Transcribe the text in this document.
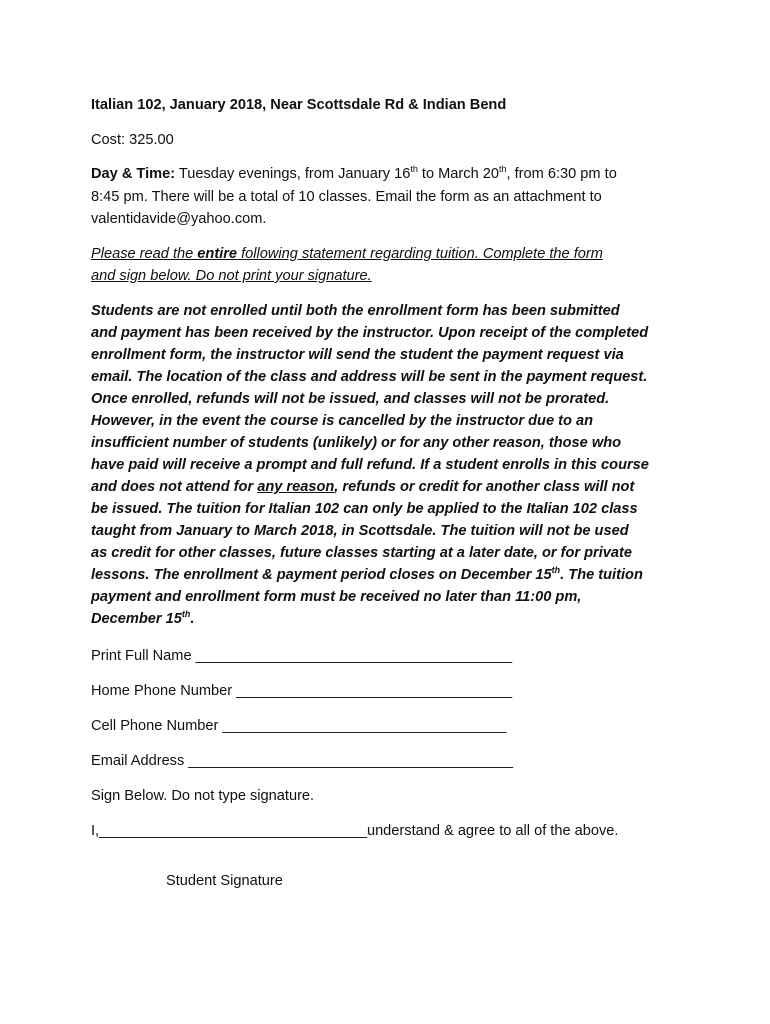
Italian 102, January 2018, Near Scottsdale Rd & Indian Bend

Cost: 325.00

Day & Time: Tuesday evenings, from January 16th to March 20th, from 6:30 pm to

8:45 pm. There will be a total of 10 classes. Email the form as an attachment to

valentidavide@yahoo.com.

Please read the entire following statement regarding tuition. Complete the form

and sign below. Do not print your signature.

Students are not enrolled until both the enrollment form has been submitted

and payment has been received by the instructor. Upon receipt of the completed

enrollment form, the instructor will send the student the payment request via

email. The location of the class and address will be sent in the payment request.

Once enrolled, refunds will not be issued, and classes will not be prorated.

However, in the event the course is cancelled by the instructor due to an

insufficient number of students (unlikely) or for any other reason, those who

have paid will receive a prompt and full refund. If a student enrolls in this course

and does not attend for any reason, refunds or credit for another class will not

be issued. The tuition for Italian 102 can only be applied to the Italian 102 class

taught from January to March 2018, in Scottsdale. The tuition will not be used

as credit for other classes, future classes starting at a later date, or for private

lessons. The enrollment & payment period closes on December 15th. The tuition

payment and enrollment form must be received no later than 11:00 pm,

December 15th.

Print Full Name _______________________________________

Home Phone Number __________________________________

Cell Phone Number ___________________________________

Email Address ________________________________________

Sign Below. Do not type signature.

I,_________________________________understand & agree to all of the above.

Student Signature
